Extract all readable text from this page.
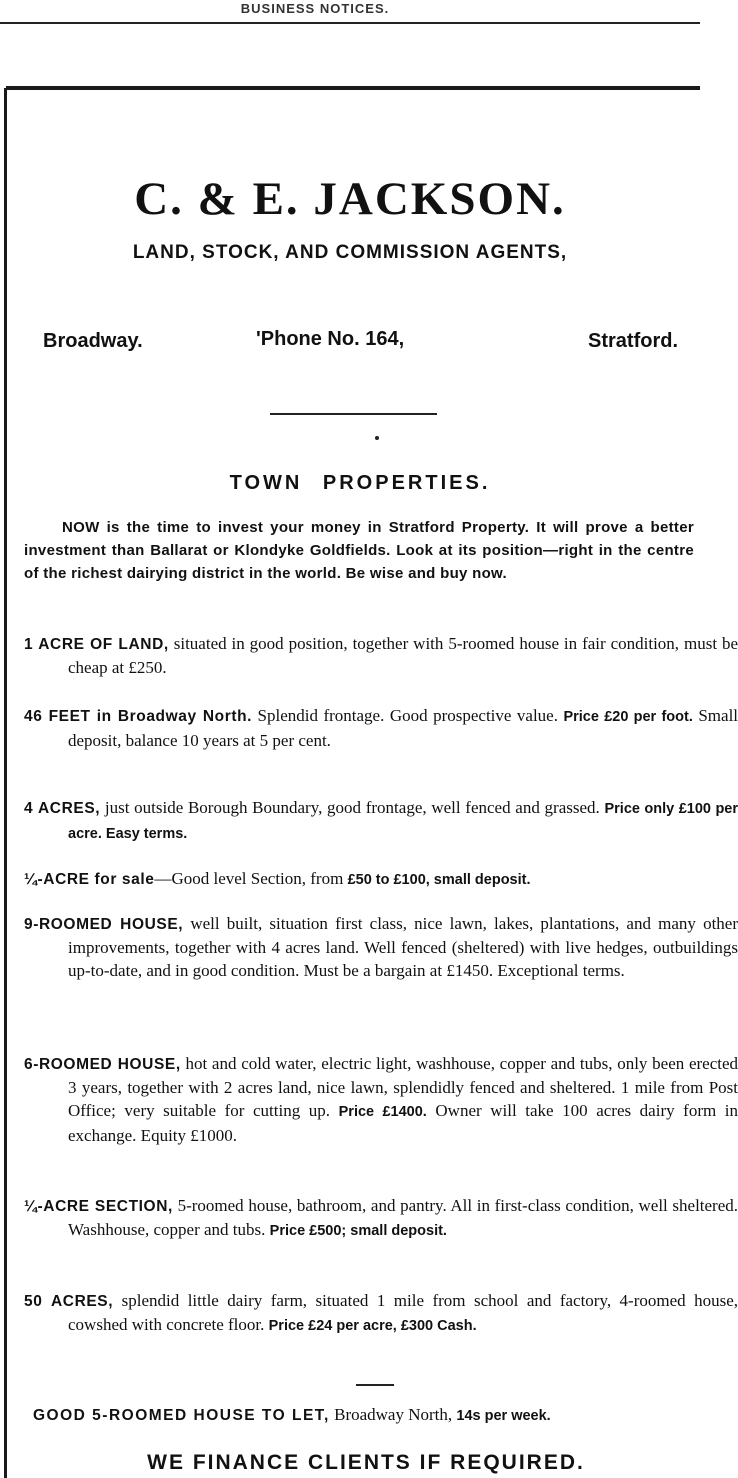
BUSINESS NOTICES.
C. & E. JACKSON.
LAND, STOCK, AND COMMISSION AGENTS,
Broadway.	'Phone No. 164,	Stratford.
TOWN PROPERTIES.

NOW is the time to invest your money in Stratford Property. It will prove a better investment than Ballarat or Klondyke Goldfields. Look at its position—right in the centre of the richest dairying district in the world. Be wise and buy now.

1 ACRE OF LAND, situated in good position, together with 5-roomed house in fair condition, must be cheap at £250.

46 FEET in Broadway North. Splendid frontage. Good prospective value. Price £20 per foot. Small deposit, balance 10 years at 5 per cent.

4 ACRES, just outside Borough Boundary, good frontage, well fenced and grassed. Price only £100 per acre. Easy terms.

¼-ACRE for sale—Good level Section, from £50 to £100, small deposit.

9-ROOMED HOUSE, well built, situation first class, nice lawn, lakes, plantations, and many other improvements, together with 4 acres land. Well fenced (sheltered) with live hedges, outbuildings up-to-date, and in good condition. Must be a bargain at £1450. Exceptional terms.

6-ROOMED HOUSE, hot and cold water, electric light, washhouse, copper and tubs, only been erected 3 years, together with 2 acres land, nice lawn, splendidly fenced and sheltered. 1 mile from Post Office; very suitable for cutting up. Price £1400. Owner will take 100 acres dairy form in exchange. Equity £1000.

¼-ACRE SECTION, 5-roomed house, bathroom, and pantry. All in first-class condition, well sheltered. Washhouse, copper and tubs. Price £500; small deposit.

50 ACRES, splendid little dairy farm, situated 1 mile from school and factory, 4-roomed house, cowshed with concrete floor. Price £24 per acre, £300 Cash.

GOOD 5-ROOMED HOUSE TO LET, Broadway North, 14s per week.
WE FINANCE CLIENTS IF REQUIRED.
